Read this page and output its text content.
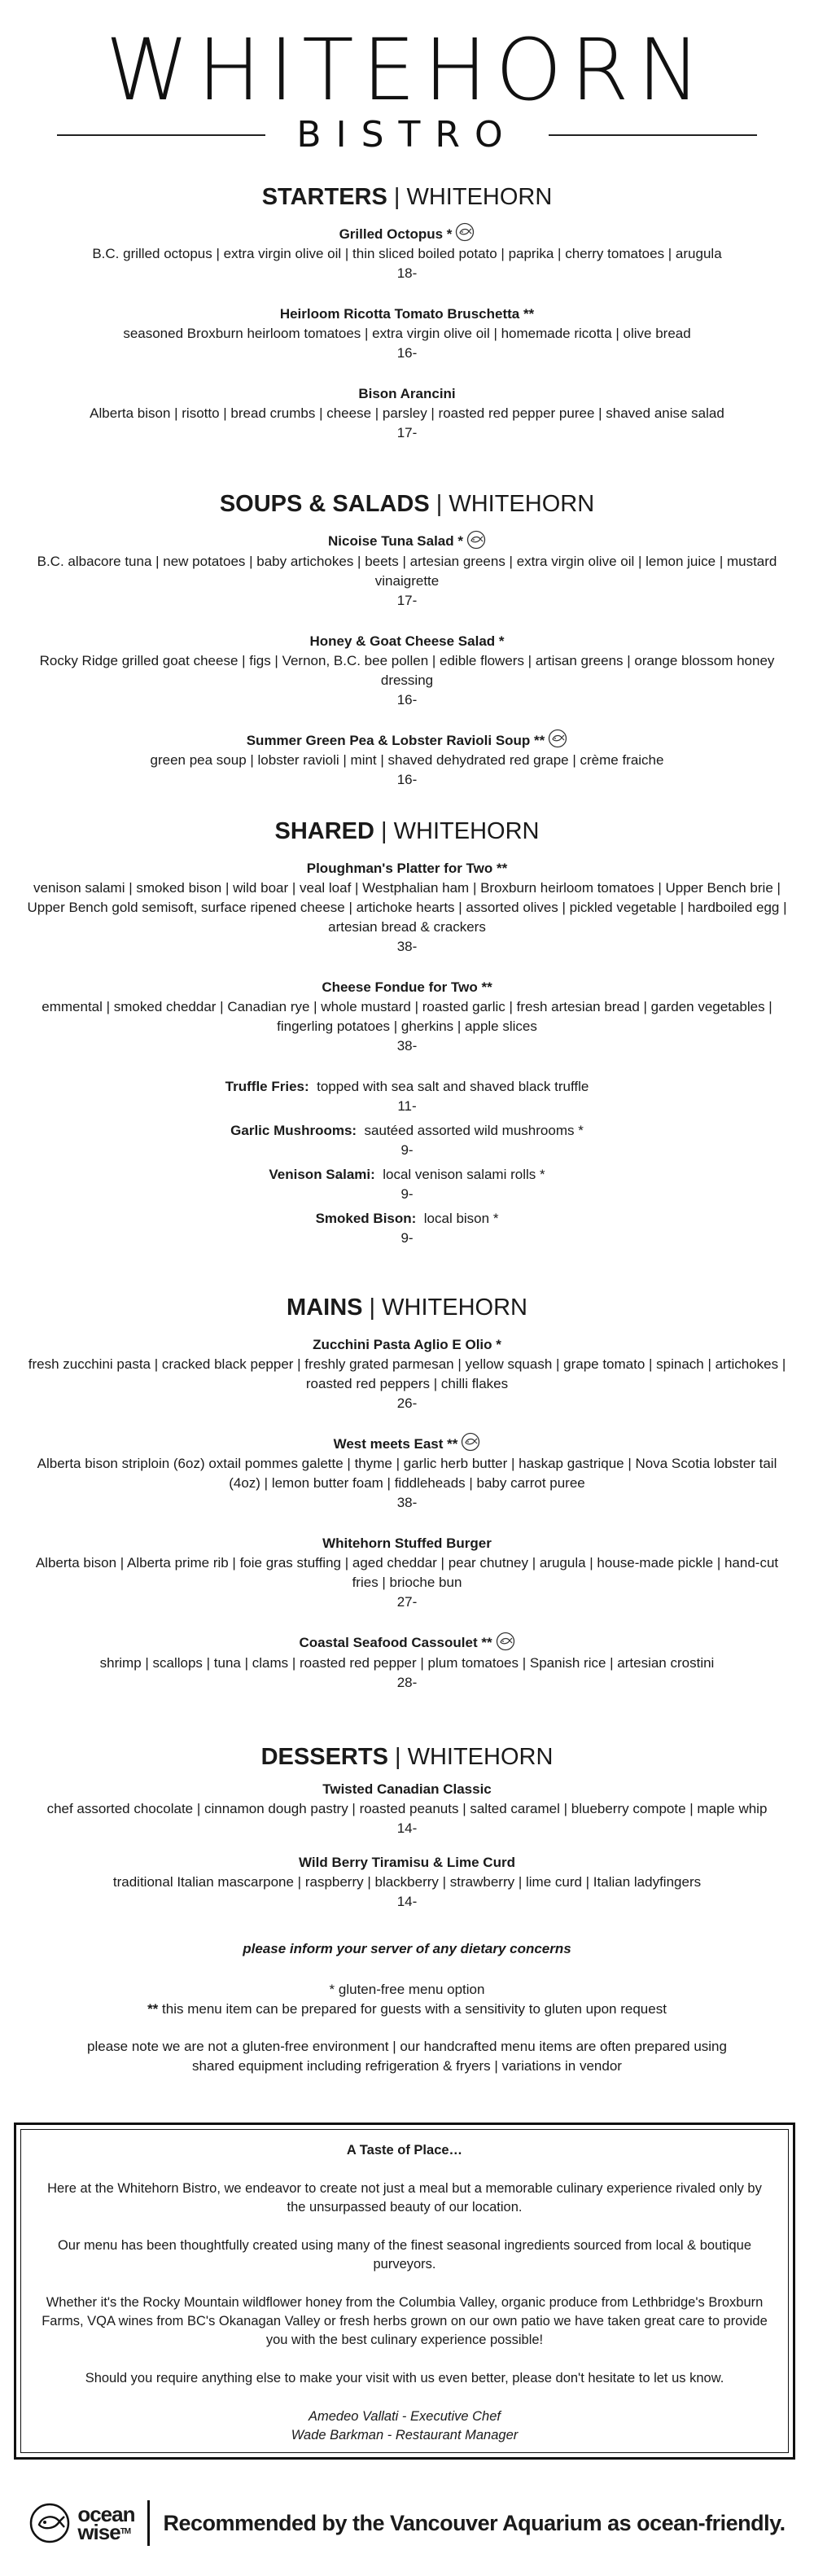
WHITEHORN
BISTRO
STARTERS | WHITEHORN
Grilled Octopus *
B.C. grilled octopus | extra virgin olive oil | thin sliced boiled potato | paprika | cherry tomatoes | arugula
18-
Heirloom Ricotta Tomato Bruschetta **
seasoned Broxburn heirloom tomatoes | extra virgin olive oil | homemade ricotta | olive bread
16-
Bison Arancini
Alberta bison | risotto | bread crumbs | cheese | parsley | roasted red pepper puree | shaved anise salad
17-
SOUPS & SALADS | WHITEHORN
Nicoise Tuna Salad *
B.C. albacore tuna | new potatoes | baby artichokes | beets | artesian greens | extra virgin olive oil | lemon juice | mustard vinaigrette
17-
Honey & Goat Cheese Salad *
Rocky Ridge grilled goat cheese | figs | Vernon, B.C. bee pollen | edible flowers | artisan greens | orange blossom honey dressing
16-
Summer Green Pea & Lobster Ravioli Soup **
green pea soup | lobster ravioli | mint | shaved dehydrated red grape | crème fraiche
16-
SHARED | WHITEHORN
Ploughman's Platter for Two **
venison salami | smoked bison | wild boar | veal loaf | Westphalian ham | Broxburn heirloom tomatoes | Upper Bench brie | Upper Bench gold semisoft, surface ripened cheese | artichoke hearts | assorted olives | pickled vegetable | hardboiled egg | artesian bread & crackers
38-
Cheese Fondue for Two **
emmental | smoked cheddar | Canadian rye | whole mustard | roasted garlic | fresh artesian bread | garden vegetables | fingerling potatoes | gherkins | apple slices
38-
Truffle Fries: topped with sea salt and shaved black truffle
11-
Garlic Mushrooms: sautéed assorted wild mushrooms *
9-
Venison Salami: local venison salami rolls *
9-
Smoked Bison: local bison *
9-
MAINS | WHITEHORN
Zucchini Pasta Aglio E Olio *
fresh zucchini pasta | cracked black pepper | freshly grated parmesan | yellow squash | grape tomato | spinach | artichokes | roasted red peppers | chilli flakes
26-
West meets East **
Alberta bison striploin (6oz) oxtail pommes galette | thyme | garlic herb butter | haskap gastrique | Nova Scotia lobster tail (4oz) | lemon butter foam | fiddleheads | baby carrot puree
38-
Whitehorn Stuffed Burger
Alberta bison | Alberta prime rib | foie gras stuffing | aged cheddar | pear chutney | arugula | house-made pickle | hand-cut fries | brioche bun
27-
Coastal Seafood Cassoulet **
shrimp | scallops | tuna | clams | roasted red pepper | plum tomatoes | Spanish rice | artesian crostini
28-
DESSERTS | WHITEHORN
Twisted Canadian Classic
chef assorted chocolate | cinnamon dough pastry | roasted peanuts | salted caramel | blueberry compote | maple whip
14-
Wild Berry Tiramisu & Lime Curd
traditional Italian mascarpone | raspberry | blackberry | strawberry | lime curd | Italian ladyfingers
14-
please inform your server of any dietary concerns
* gluten-free menu option
** this menu item can be prepared for guests with a sensitivity to gluten upon request
please note we are not a gluten-free environment | our handcrafted menu items are often prepared using shared equipment including refrigeration & fryers | variations in vendor

A Taste of Place…

Here at the Whitehorn Bistro, we endeavor to create not just a meal but a memorable culinary experience rivaled only by the unsurpassed beauty of our location.

Our menu has been thoughtfully created using many of the finest seasonal ingredients sourced from local & boutique purveyors.

Whether it's the Rocky Mountain wildflower honey from the Columbia Valley, organic produce from Lethbridge's Broxburn Farms, VQA wines from BC's Okanagan Valley or fresh herbs grown on our own patio we have taken great care to provide you with the best culinary experience possible!

Should you require anything else to make your visit with us even better, please don't hesitate to let us know.

Amedeo Vallati - Executive Chef

Wade Barkman - Restaurant Manager

ocean
wise™ Recommended by the Vancouver Aquarium as ocean-friendly.
